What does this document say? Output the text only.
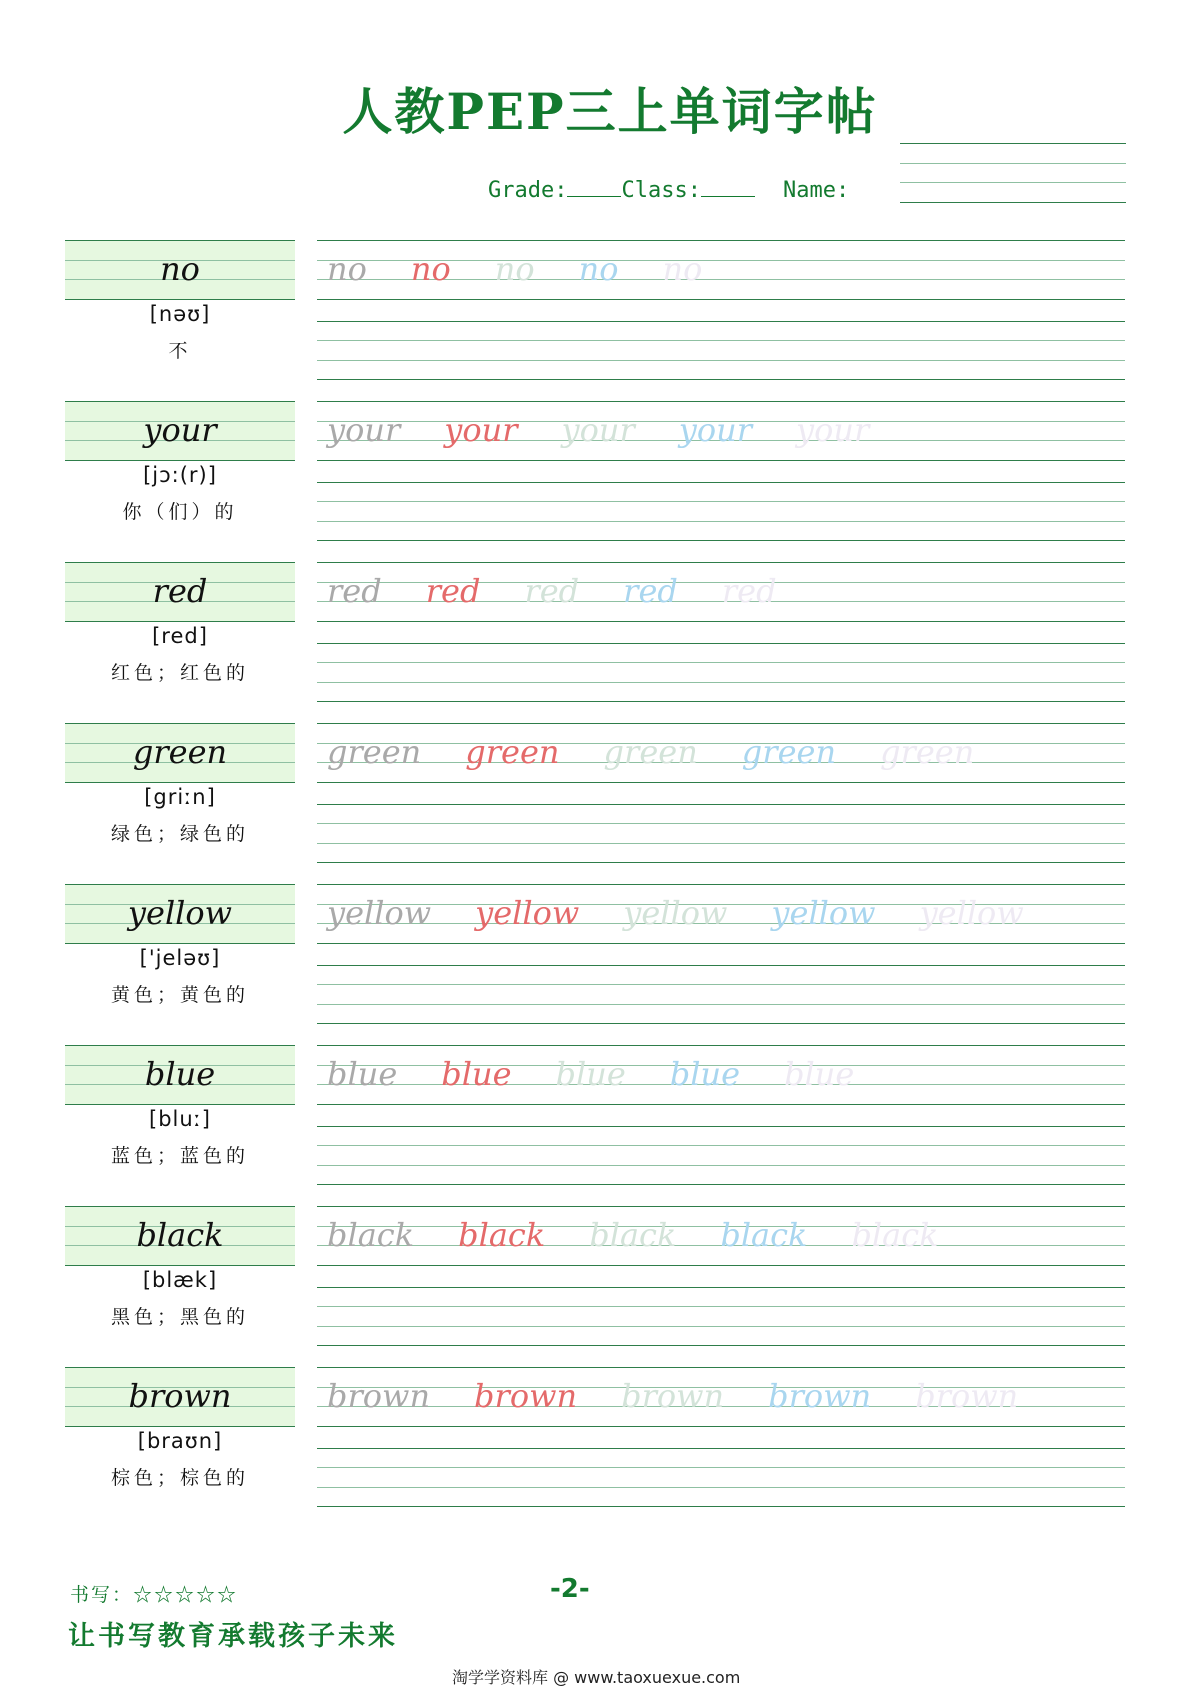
人教PEP三上单词字帖
Grade: Class:	Name:
no
[nəʊ]
不
no no no no no
your
[jɔ:(r)]
你（们）的
your your your your your
red
[red]
红色；红色的
red red red red red
green
[griːn]
绿色；绿色的
green green green green green
yellow
['jeləʊ]
黄色；黄色的
yellow yellow yellow yellow yellow
blue
[bluː]
蓝色；蓝色的
blue blue blue blue blue
black
[blæk]
黑色；黑色的
black black black black black
brown
[braʊn]
棕色；棕色的
brown brown brown brown brown
书写：☆☆☆☆☆	-2-
让书写教育承载孩子未来
淘学学资料库 @ www.taoxuexue.com
